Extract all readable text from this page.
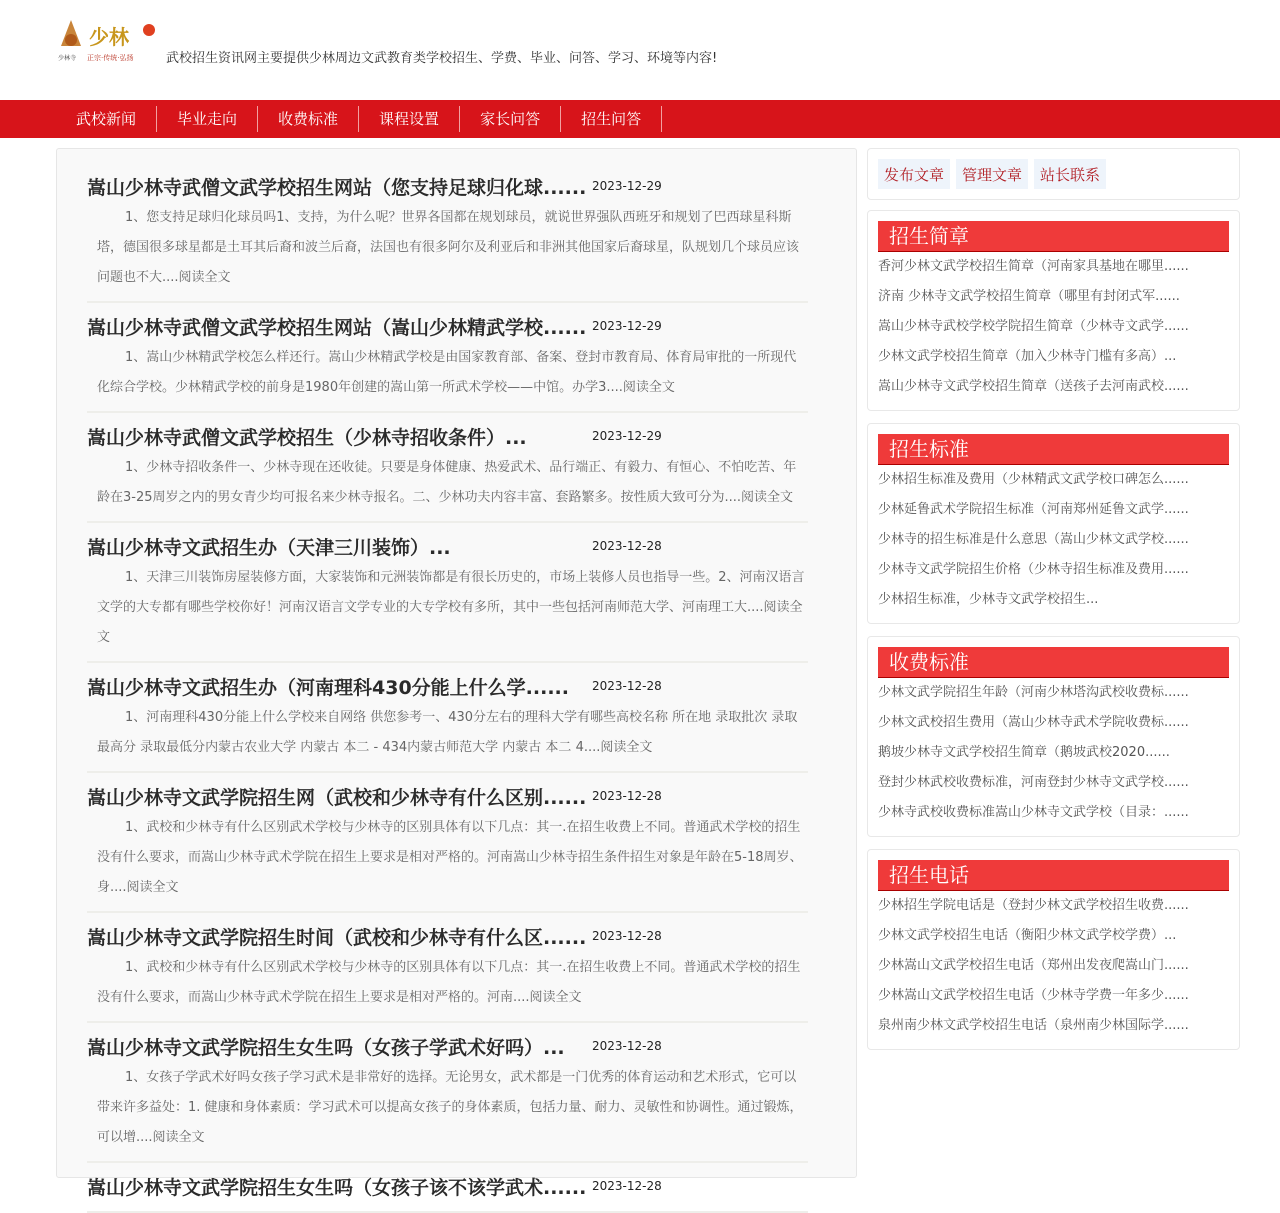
少林
少林寺 正宗·传统·弘扬	武校招生资讯网主要提供少林周边文武教育类学校招生、学费、毕业、问答、学习、环境等内容!
武校新闻	毕业走向	收费标准	课程设置	家长问答	招生问答
嵩山少林寺武僧文武学校招生网站（您支持足球归化球...... 2023-12-29

1、您支持足球归化球员吗1、支持，为什么呢？世界各国都在规划球员，就说世界强队西班牙和规划了巴西球星科斯塔，德国很多球星都是土耳其后裔和波兰后裔，法国也有很多阿尔及利亚后和非洲其他国家后裔球星，队规划几个球员应该问题也不大....阅读全文

嵩山少林寺武僧文武学校招生网站（嵩山少林精武学校...... 2023-12-29

1、嵩山少林精武学校怎么样还行。嵩山少林精武学校是由国家教育部、备案、登封市教育局、体育局审批的一所现代化综合学校。少林精武学校的前身是1980年创建的嵩山第一所武术学校——中馆。办学3....阅读全文

嵩山少林寺武僧文武学校招生（少林寺招收条件）...	2023-12-29

1、少林寺招收条件一、少林寺现在还收徒。只要是身体健康、热爱武术、品行端正、有毅力、有恒心、不怕吃苦、年龄在3-25周岁之内的男女青少均可报名来少林寺报名。二、少林功夫内容丰富、套路繁多。按性质大致可分为....阅读全文

嵩山少林寺文武招生办（天津三川装饰）...	2023-12-28

1、天津三川装饰房屋装修方面，大家装饰和元洲装饰都是有很长历史的，市场上装修人员也指导一些。2、河南汉语言文学的大专都有哪些学校你好！河南汉语言文学专业的大专学校有多所，其中一些包括河南师范大学、河南理工大....阅读全文

嵩山少林寺文武招生办（河南理科430分能上什么学......	2023-12-28

1、河南理科430分能上什么学校来自网络 供您参考一、430分左右的理科大学有哪些高校名称 所在地 录取批次 录取最高分 录取最低分内蒙古农业大学 内蒙古 本二 - 434内蒙古师范大学 内蒙古 本二 4....阅读全文

嵩山少林寺文武学院招生网（武校和少林寺有什么区别...... 2023-12-28

1、武校和少林寺有什么区别武术学校与少林寺的区别具体有以下几点：其一.在招生收费上不同。普通武术学校的招生没有什么要求，而嵩山少林寺武术学院在招生上要求是相对严格的。河南嵩山少林寺招生条件招生对象是年龄在5-18周岁、身....阅读全文

嵩山少林寺文武学院招生时间（武校和少林寺有什么区...... 2023-12-28

1、武校和少林寺有什么区别武术学校与少林寺的区别具体有以下几点：其一.在招生收费上不同。普通武术学校的招生没有什么要求，而嵩山少林寺武术学院在招生上要求是相对严格的。河南....阅读全文

嵩山少林寺文武学院招生女生吗（女孩子学武术好吗）...	2023-12-28

1、女孩子学武术好吗女孩子学习武术是非常好的选择。无论男女，武术都是一门优秀的体育运动和艺术形式，它可以带来许多益处：1. 健康和身体素质：学习武术可以提高女孩子的身体素质，包括力量、耐力、灵敏性和协调性。通过锻炼，可以增....阅读全文

嵩山少林寺文武学院招生女生吗（女孩子该不该学武术...... 2023-12-28
发布文章	管理文章	站长联系
招生简章
香河少林文武学校招生简章（河南家具基地在哪里......
济南 少林寺文武学校招生简章（哪里有封闭式军......
嵩山少林寺武校学校学院招生简章（少林寺文武学......
少林文武学校招生简章（加入少林寺门槛有多高）...
嵩山少林寺文武学校招生简章（送孩子去河南武校......
招生标准
少林招生标准及费用（少林精武文武学校口碑怎么......
少林延鲁武术学院招生标准（河南郑州延鲁文武学......
少林寺的招生标准是什么意思（嵩山少林文武学校......
少林寺文武学院招生价格（少林寺招生标准及费用......
少林招生标准，少林寺文武学校招生...
收费标准
少林文武学院招生年龄（河南少林塔沟武校收费标......
少林文武校招生费用（嵩山少林寺武术学院收费标......
鹅坡少林寺文武学校招生简章（鹅坡武校2020......
登封少林武校收费标准，河南登封少林寺文武学校......
少林寺武校收费标准嵩山少林寺文武学校（目录：......
招生电话
少林招生学院电话是（登封少林文武学校招生收费......
少林文武学校招生电话（衡阳少林文武学校学费）...
少林嵩山文武学校招生电话（郑州出发夜爬嵩山门......
少林嵩山文武学校招生电话（少林寺学费一年多少......
泉州南少林文武学校招生电话（泉州南少林国际学......
